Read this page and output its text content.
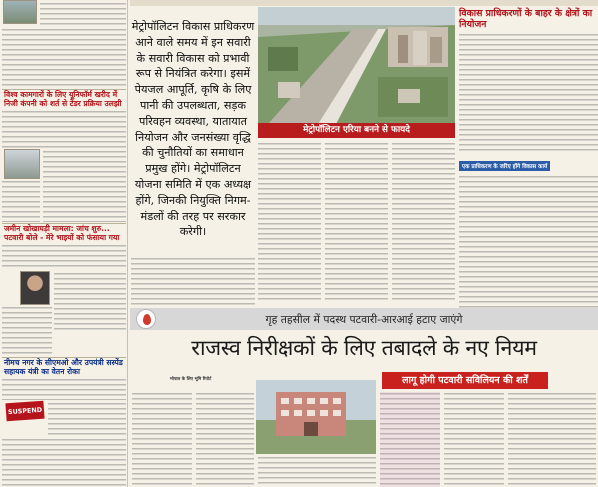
विश्व कामगारों के लिए यूनिफॉर्म खरीद में निजी कंपनी को शर्त से टेंडर प्रक्रिया उलझी
जमीन खोखाघड़ी मामला: जांच शुरु... पटवारी बोले - मेरे भाइयों को फंसाया गया
नीमच नगर के सीएमओ और उपयंत्री सस्पेंड सहायक यंत्री का वेतन रोका
SUSPEND
मेट्रोपॉलिटन विकास प्राधिकरण आने वाले समय में इन सवारी के सवारी विकास को प्रभावी रूप से नियंत्रित करेगा। इसमें पेयजल आपूर्ति, कृषि के लिए पानी की उपलब्धता, सड़क परिवहन व्यवस्था, यातायात नियोजन और जनसंख्या वृद्धि की चुनौतियों का समाधान प्रमुख होंगे। मेट्रोपॉलिटन योजना समिति में एक अध्यक्ष होंगे, जिनकी नियुक्ति निगम-मंडलों की तरह पर सरकार करेगी।
मेट्रोपॉलिटन एरिया बनने से फायदे
विकास प्राधिकरणों के बाहर के क्षेत्रों का नियोजन
एक प्राधिकरण के जरिए होंगे विकास कार्य
गृह तहसील में पदस्थ पटवारी-आरआई हटाए जाएंगे
राजस्व निरीक्षकों के लिए तबादले के नए नियम
लागू होगी पटवारी सविलियन की शर्तें
भोपाल के लिए भूमि रिपोर्ट
